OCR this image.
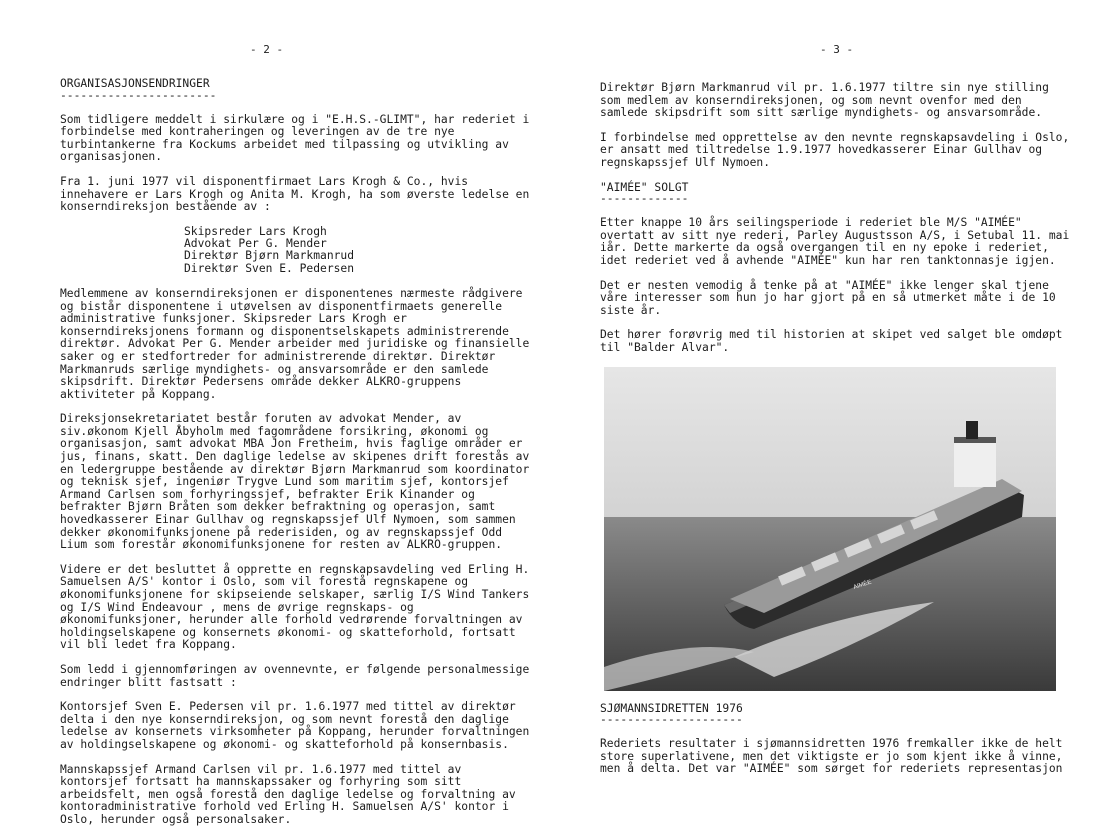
- 2 -
ORGANISASJONSENDRINGER
-----------------------

Som tidligere meddelt i sirkulære og i "E.H.S.-GLIMT", har rederiet i forbindelse med kontraheringen og leveringen av de tre nye turbintankerne fra Kockums arbeidet med tilpassing og utvikling av organisasjonen.

Fra 1. juni 1977 vil disponentfirmaet Lars Krogh & Co., hvis innehavere er Lars Krogh og Anita M. Krogh, ha som øverste ledelse en konserndireksjon bestående av :

Skipsreder Lars Krogh
Advokat Per G. Mender
Direktør Bjørn Markmanrud
Direktør Sven E. Pedersen

Medlemmene av konserndireksjonen er disponentenes nærmeste rådgivere og bistår disponentene i utøvelsen av disponentfirmaets generelle administrative funksjoner. Skipsreder Lars Krogh er konserndireksjonens formann og disponentselskapets administrerende direktør. Advokat Per G. Mender arbeider med juridiske og finansielle saker og er stedfortreder for administrerende direktør. Direktør Markmanruds særlige myndighets- og ansvarsområde er den samlede skipsdrift. Direktør Pedersens område dekker ALKRO-gruppens aktiviteter på Koppang.

Direksjonsekretariatet består foruten av advokat Mender, av siv.økonom Kjell Åbyholm med fagområdene forsikring, økonomi og organisasjon, samt advokat MBA Jon Fretheim, hvis faglige områder er jus, finans, skatt. Den daglige ledelse av skipenes drift forestås av en ledergruppe bestående av direktør Bjørn Markmanrud som koordinator og teknisk sjef, ingeniør Trygve Lund som maritim sjef, kontorsjef Armand Carlsen som forhyringssjef, befrakter Erik Kinander og befrakter Bjørn Bråten som dekker befraktning og operasjon, samt hovedkasserer Einar Gullhav og regnskapssjef Ulf Nymoen, som sammen dekker økonomifunksjonene på rederisiden, og av regnskapssjef Odd Lium som forestår økonomifunksjonene for resten av ALKRO-gruppen.

Videre er det besluttet å opprette en regnskapsavdeling ved Erling H. Samuelsen A/S' kontor i Oslo, som vil forestå regnskapene og økonomifunksjonene for skipseiende selskaper, særlig I/S Wind Tankers og I/S Wind Endeavour , mens de øvrige regnskaps- og økonomifunksjoner, herunder alle forhold vedrørende forvaltningen av holdingselskapene og konsernets økonomi- og skatteforhold, fortsatt vil bli ledet fra Koppang.

Som ledd i gjennomføringen av ovennevnte, er følgende personalmessige endringer blitt fastsatt :

Kontorsjef Sven E. Pedersen vil pr. 1.6.1977 med tittel av direktør delta i den nye konserndireksjon, og som nevnt forestå den daglige ledelse av konsernets virksomheter på Koppang, herunder forvaltningen av holdingselskapene og økonomi- og skatteforhold på konsernbasis.

Mannskapssjef Armand Carlsen vil pr. 1.6.1977 med tittel av kontorsjef fortsatt ha mannskapssaker og forhyring som sitt arbeidsfelt, men også forestå den daglige ledelse og forvaltning av kontoradministrative forhold ved Erling H. Samuelsen A/S' kontor i Oslo, herunder også personalsaker.

- 3 -

Direktør Bjørn Markmanrud vil pr. 1.6.1977 tiltre sin nye stilling som medlem av konserndireksjonen, og som nevnt ovenfor med den samlede skipsdrift som sitt særlige myndighets- og ansvarsområde.

I forbindelse med opprettelse av den nevnte regnskapsavdeling i Oslo, er ansatt med tiltredelse 1.9.1977 hovedkasserer Einar Gullhav og regnskapssjef Ulf Nymoen.

"AIMÉE" SOLGT
-------------

Etter knappe 10 års seilingsperiode i rederiet ble M/S "AIMÉE" overtatt av sitt nye rederi, Parley Augustsson A/S, i Setubal 11. mai iår. Dette markerte da også overgangen til en ny epoke i rederiet, idet rederiet ved å avhende "AIMÉE" kun har ren tanktonnasje igjen.

Det er nesten vemodig å tenke på at "AIMÉE" ikke lenger skal tjene våre interesser som hun jo har gjort på en så utmerket måte i de 10 siste år.

Det hører forøvrig med til historien at skipet ved salget ble omdøpt til "Balder Alvar".

AIMÉE
SJØMANNSIDRETTEN 1976
---------------------

Rederiets resultater i sjømannsidretten 1976 fremkaller ikke de helt store superlativene, men det viktigste er jo som kjent ikke å vinne, men å delta. Det var "AIMÉE" som sørget for rederiets representasjon
